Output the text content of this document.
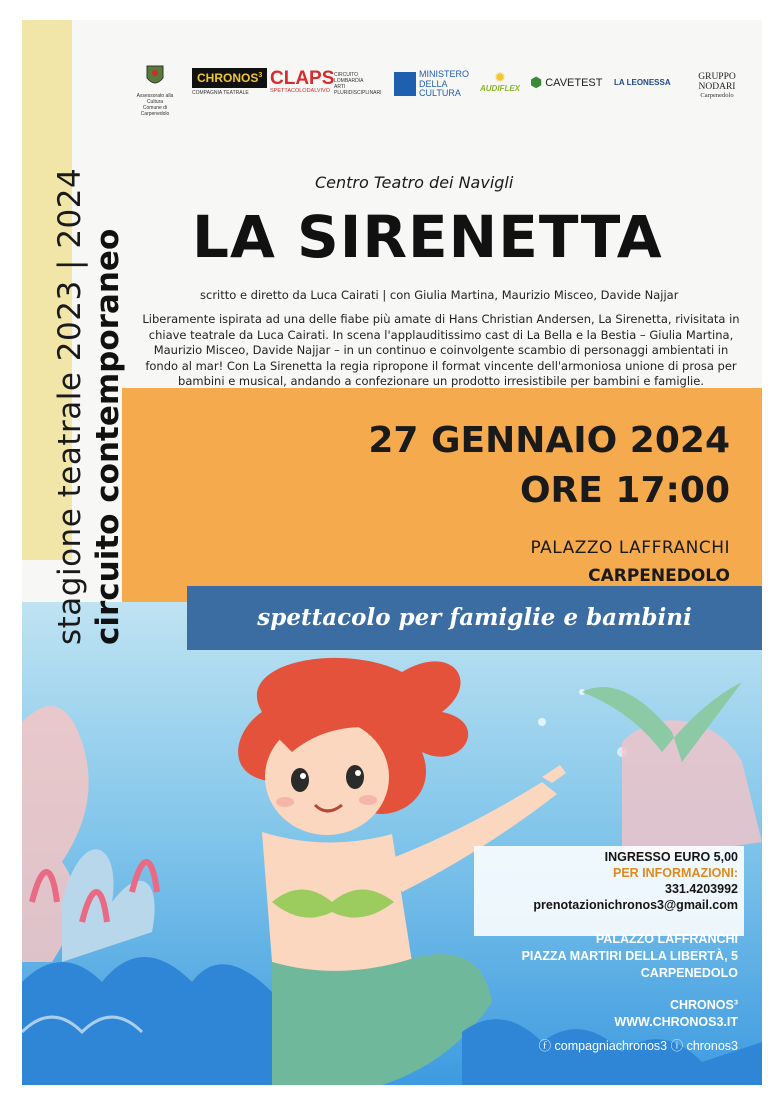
spettacolo per famiglie e bambini
stagione teatrale 2023 | 2024 circuito contemporaneo
Assessorato alla Cultura
Comune di Carpenedolo
CHRONOS$^3$
COMPAGNIA TEATRALE
CLAPS
SPETTACOLODALVIVO
CIRCUITO
LOMBARDIA
ARTI
PLURIDISCIPLINARI
MINISTERO
DELLA
CULTURA
✹
AUDIFLEX ⬢ CAVETEST LA LEONESSA
GRUPPO NODARI
Carpenedolo
Centro Teatro dei Navigli
LA SIRENETTA
scritto e diretto da Luca Cairati | con Giulia Martina, Maurizio Misceo, Davide Najjar
Liberamente ispirata ad una delle fiabe più amate di Hans Christian Andersen, La Sirenetta, rivisitata in chiave teatrale da Luca Cairati. In scena l'applauditissimo cast di La Bella e la Bestia – Giulia Martina, Maurizio Misceo, Davide Najjar – in un continuo e coinvolgente scambio di personaggi ambientati in fondo al mar! Con La Sirenetta la regia ripropone il format vincente dell'armoniosa unione di prosa per bambini e musical, andando a confezionare un prodotto irresistibile per bambini e famiglie.
27 GENNAIO 2024
ORE 17:00
PALAZZO LAFFRANCHI
CARPENEDOLO
INGRESSO EURO 5,00
PER INFORMAZIONI:
331.4203992
prenotazionichronos3@gmail.com
PALAZZO LAFFRANCHI
PIAZZA MARTIRI DELLA LIBERTÀ, 5
CARPENEDOLO
CHRONOS³
WWW.CHRONOS3.IT
ⓕ compagniachronos3 ⓘ chronos3
